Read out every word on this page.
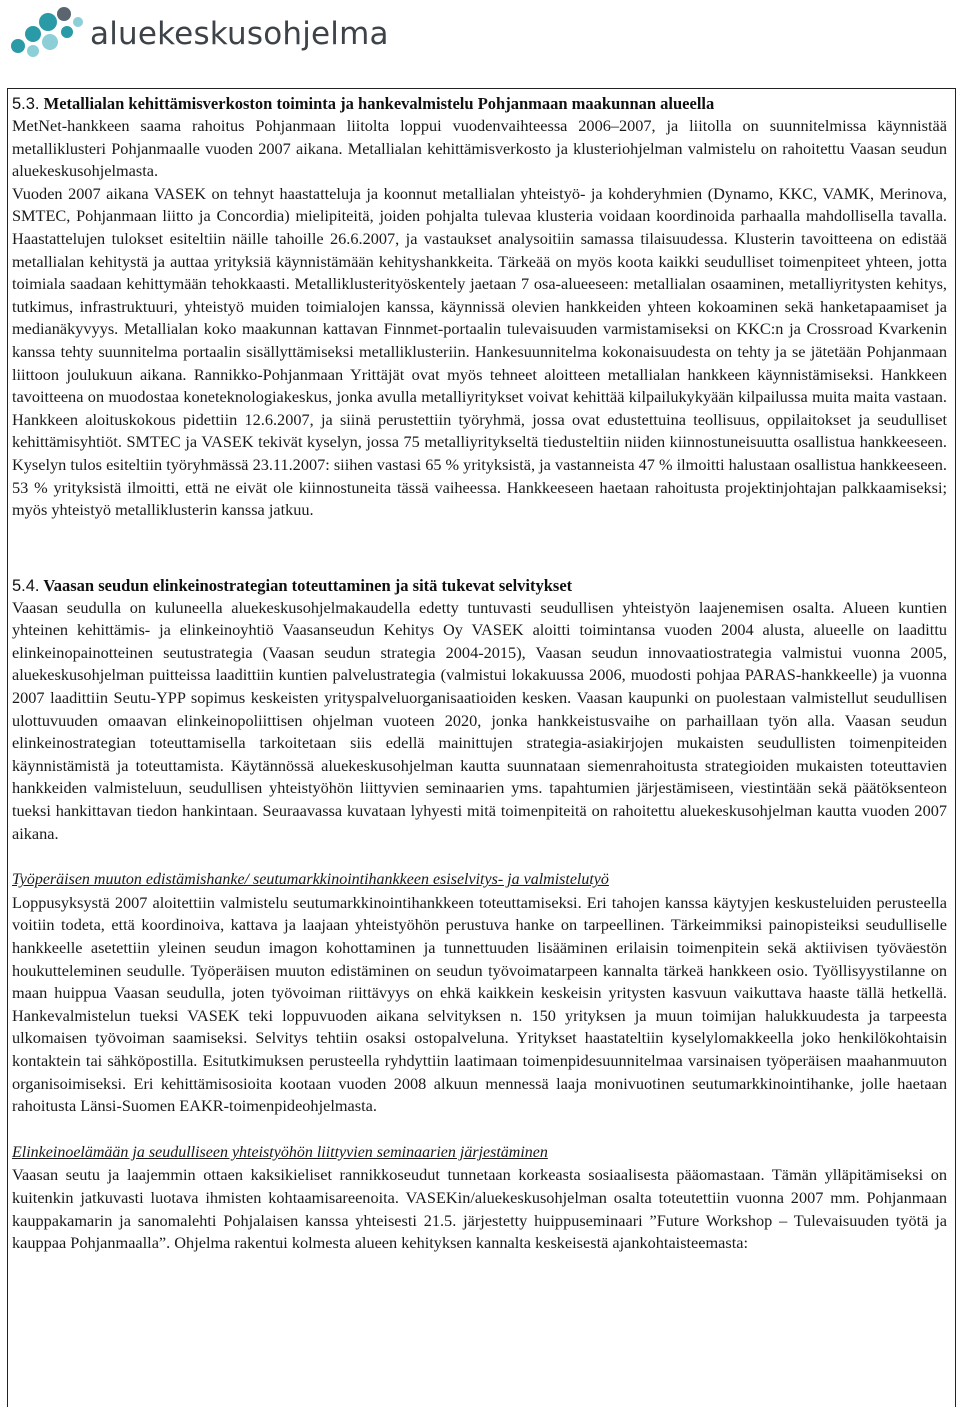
aluekeskusohjelma
5.3. Metallialan kehittämisverkoston toiminta ja hankevalmistelu Pohjanmaan maakunnan alueella

MetNet-hankkeen saama rahoitus Pohjanmaan liitolta loppui vuodenvaihteessa 2006–2007, ja liitolla on suunnitelmissa käynnistää metalliklusteri Pohjanmaalle vuoden 2007 aikana. Metallialan kehittämisverkosto ja klusteriohjelman valmistelu on rahoitettu Vaasan seudun aluekeskusohjelmasta.

Vuoden 2007 aikana VASEK on tehnyt haastatteluja ja koonnut metallialan yhteistyö- ja kohderyhmien (Dynamo, KKC, VAMK, Merinova, SMTEC, Pohjanmaan liitto ja Concordia) mielipiteitä, joiden pohjalta tulevaa klusteria voidaan koordinoida parhaalla mahdollisella tavalla. Haastattelujen tulokset esiteltiin näille tahoille 26.6.2007, ja vastaukset analysoitiin samassa tilaisuudessa. Klusterin tavoitteena on edistää metallialan kehitystä ja auttaa yrityksiä käynnistämään kehityshankkeita. Tärkeää on myös koota kaikki seudulliset toimenpiteet yhteen, jotta toimiala saadaan kehittymään tehokkaasti. Metalliklusterityöskentely jaetaan 7 osa-alueeseen: metallialan osaaminen, metalliyritysten kehitys, tutkimus, infrastruktuuri, yhteistyö muiden toimialojen kanssa, käynnissä olevien hankkeiden yhteen kokoaminen sekä hanketapaamiset ja medianäkyvyys. Metallialan koko maakunnan kattavan Finnmet-portaalin tulevaisuuden varmistamiseksi on KKC:n ja Crossroad Kvarkenin kanssa tehty suunnitelma portaalin sisällyttämiseksi metalliklusteriin. Hankesuunnitelma kokonaisuudesta on tehty ja se jätetään Pohjanmaan liittoon joulukuun aikana. Rannikko-Pohjanmaan Yrittäjät ovat myös tehneet aloitteen metallialan hankkeen käynnistämiseksi. Hankkeen tavoitteena on muodostaa koneteknologiakeskus, jonka avulla metalliyritykset voivat kehittää kilpailukykyään kilpailussa muita maita vastaan. Hankkeen aloituskokous pidettiin 12.6.2007, ja siinä perustettiin työryhmä, jossa ovat edustettuina teollisuus, oppilaitokset ja seudulliset kehittämisyhtiöt. SMTEC ja VASEK tekivät kyselyn, jossa 75 metalliyritykseltä tiedusteltiin niiden kiinnostuneisuutta osallistua hankkeeseen. Kyselyn tulos esiteltiin työryhmässä 23.11.2007: siihen vastasi 65 % yrityksistä, ja vastanneista 47 % ilmoitti halustaan osallistua hankkeeseen. 53 % yrityksistä ilmoitti, että ne eivät ole kiinnostuneita tässä vaiheessa. Hankkeeseen haetaan rahoitusta projektinjohtajan palkkaamiseksi; myös yhteistyö metalliklusterin kanssa jatkuu.

5.4. Vaasan seudun elinkeinostrategian toteuttaminen ja sitä tukevat selvitykset

Vaasan seudulla on kuluneella aluekeskusohjelmakaudella edetty tuntuvasti seudullisen yhteistyön laajenemisen osalta. Alueen kuntien yhteinen kehittämis- ja elinkeinoyhtiö Vaasanseudun Kehitys Oy VASEK aloitti toimintansa vuoden 2004 alusta, alueelle on laadittu elinkeinopainotteinen seutustrategia (Vaasan seudun strategia 2004-2015), Vaasan seudun innovaatiostrategia valmistui vuonna 2005, aluekeskusohjelman puitteissa laadittiin kuntien palvelustrategia (valmistui lokakuussa 2006, muodosti pohjaa PARAS-hankkeelle) ja vuonna 2007 laadittiin Seutu-YPP sopimus keskeisten yrityspalveluorganisaatioiden kesken. Vaasan kaupunki on puolestaan valmistellut seudullisen ulottuvuuden omaavan elinkeinopoliittisen ohjelman vuoteen 2020, jonka hankkeistusvaihe on parhaillaan työn alla. Vaasan seudun elinkeinostrategian toteuttamisella tarkoitetaan siis edellä mainittujen strategia-asiakirjojen mukaisten seudullisten toimenpiteiden käynnistämistä ja toteuttamista. Käytännössä aluekeskusohjelman kautta suunnataan siemenrahoitusta strategioiden mukaisten toteuttavien hankkeiden valmisteluun, seudullisen yhteistyöhön liittyvien seminaarien yms. tapahtumien järjestämiseen, viestintään sekä päätöksenteon tueksi hankittavan tiedon hankintaan. Seuraavassa kuvataan lyhyesti mitä toimenpiteitä on rahoitettu aluekeskusohjelman kautta vuoden 2007 aikana.

Työperäisen muuton edistämishanke/ seutumarkkinointihankkeen esiselvitys- ja valmistelutyö

Loppusyksystä 2007 aloitettiin valmistelu seutumarkkinointihankkeen toteuttamiseksi. Eri tahojen kanssa käytyjen keskusteluiden perusteella voitiin todeta, että koordinoiva, kattava ja laajaan yhteistyöhön perustuva hanke on tarpeellinen. Tärkeimmiksi painopisteiksi seudulliselle hankkeelle asetettiin yleinen seudun imagon kohottaminen ja tunnettuuden lisääminen erilaisin toimenpitein sekä aktiivisen työväestön houkutteleminen seudulle. Työperäisen muuton edistäminen on seudun työvoimatarpeen kannalta tärkeä hankkeen osio. Työllisyystilanne on maan huippua Vaasan seudulla, joten työvoiman riittävyys on ehkä kaikkein keskeisin yritysten kasvuun vaikuttava haaste tällä hetkellä. Hankevalmistelun tueksi VASEK teki loppuvuoden aikana selvityksen n. 150 yrityksen ja muun toimijan halukkuudesta ja tarpeesta ulkomaisen työvoiman saamiseksi. Selvitys tehtiin osaksi ostopalveluna. Yritykset haastateltiin kyselylomakkeella joko henkilökohtaisin kontaktein tai sähköpostilla. Esitutkimuksen perusteella ryhdyttiin laatimaan toimenpidesuunnitelmaa varsinaisen työperäisen maahanmuuton organisoimiseksi. Eri kehittämisosioita kootaan vuoden 2008 alkuun mennessä laaja monivuotinen seutumarkkinointihanke, jolle haetaan rahoitusta Länsi-Suomen EAKR-toimenpideohjelmasta.

Elinkeinoelämään ja seudulliseen yhteistyöhön liittyvien seminaarien järjestäminen

Vaasan seutu ja laajemmin ottaen kaksikieliset rannikkoseudut tunnetaan korkeasta sosiaalisesta pääomastaan. Tämän ylläpitämiseksi on kuitenkin jatkuvasti luotava ihmisten kohtaamisareenoita. VASEKin/aluekeskusohjelman osalta toteutettiin vuonna 2007 mm. Pohjanmaan kauppakamarin ja sanomalehti Pohjalaisen kanssa yhteisesti 21.5. järjestetty huippuseminaari ”Future Workshop – Tulevaisuuden työtä ja kauppaa Pohjanmaalla”. Ohjelma rakentui kolmesta alueen kehityksen kannalta keskeisestä ajankohtaisteemasta:
